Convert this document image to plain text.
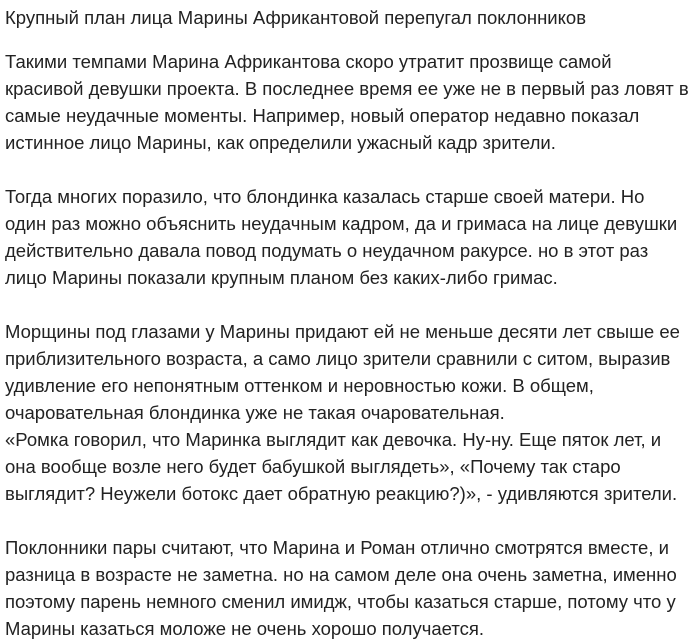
Крупный план лица Марины Африкантовой перепугал поклонников

Такими темпами Марина Африкантова скоро утратит прозвище самой красивой девушки проекта. В последнее время ее уже не в первый раз ловят в самые неудачные моменты. Например, новый оператор недавно показал истинное лицо Марины, как определили ужасный кадр зрители.

Тогда многих поразило, что блондинка казалась старше своей матери. Но один раз можно объяснить неудачным кадром, да и гримаса на лице девушки действительно давала повод подумать о неудачном ракурсе. но в этот раз лицо Марины показали крупным планом без каких-либо гримас.

Морщины под глазами у Марины придают ей не меньше десяти лет свыше ее приблизительного возраста, а само лицо зрители сравнили с ситом, выразив удивление его непонятным оттенком и неровностью кожи. В общем, очаровательная блондинка уже не такая очаровательная.

«Ромка говорил, что Маринка выглядит как девочка. Ну-ну. Еще пяток лет, и она вообще возле него будет бабушкой выглядеть», «Почему так старо выглядит? Неужели ботокс дает обратную реакцию?)», - удивляются зрители.

Поклонники пары считают, что Марина и Роман отлично смотрятся вместе, и разница в возрасте не заметна. но на самом деле она очень заметна, именно поэтому парень немного сменил имидж, чтобы казаться старше, потому что у Марины казаться моложе не очень хорошо получается.
